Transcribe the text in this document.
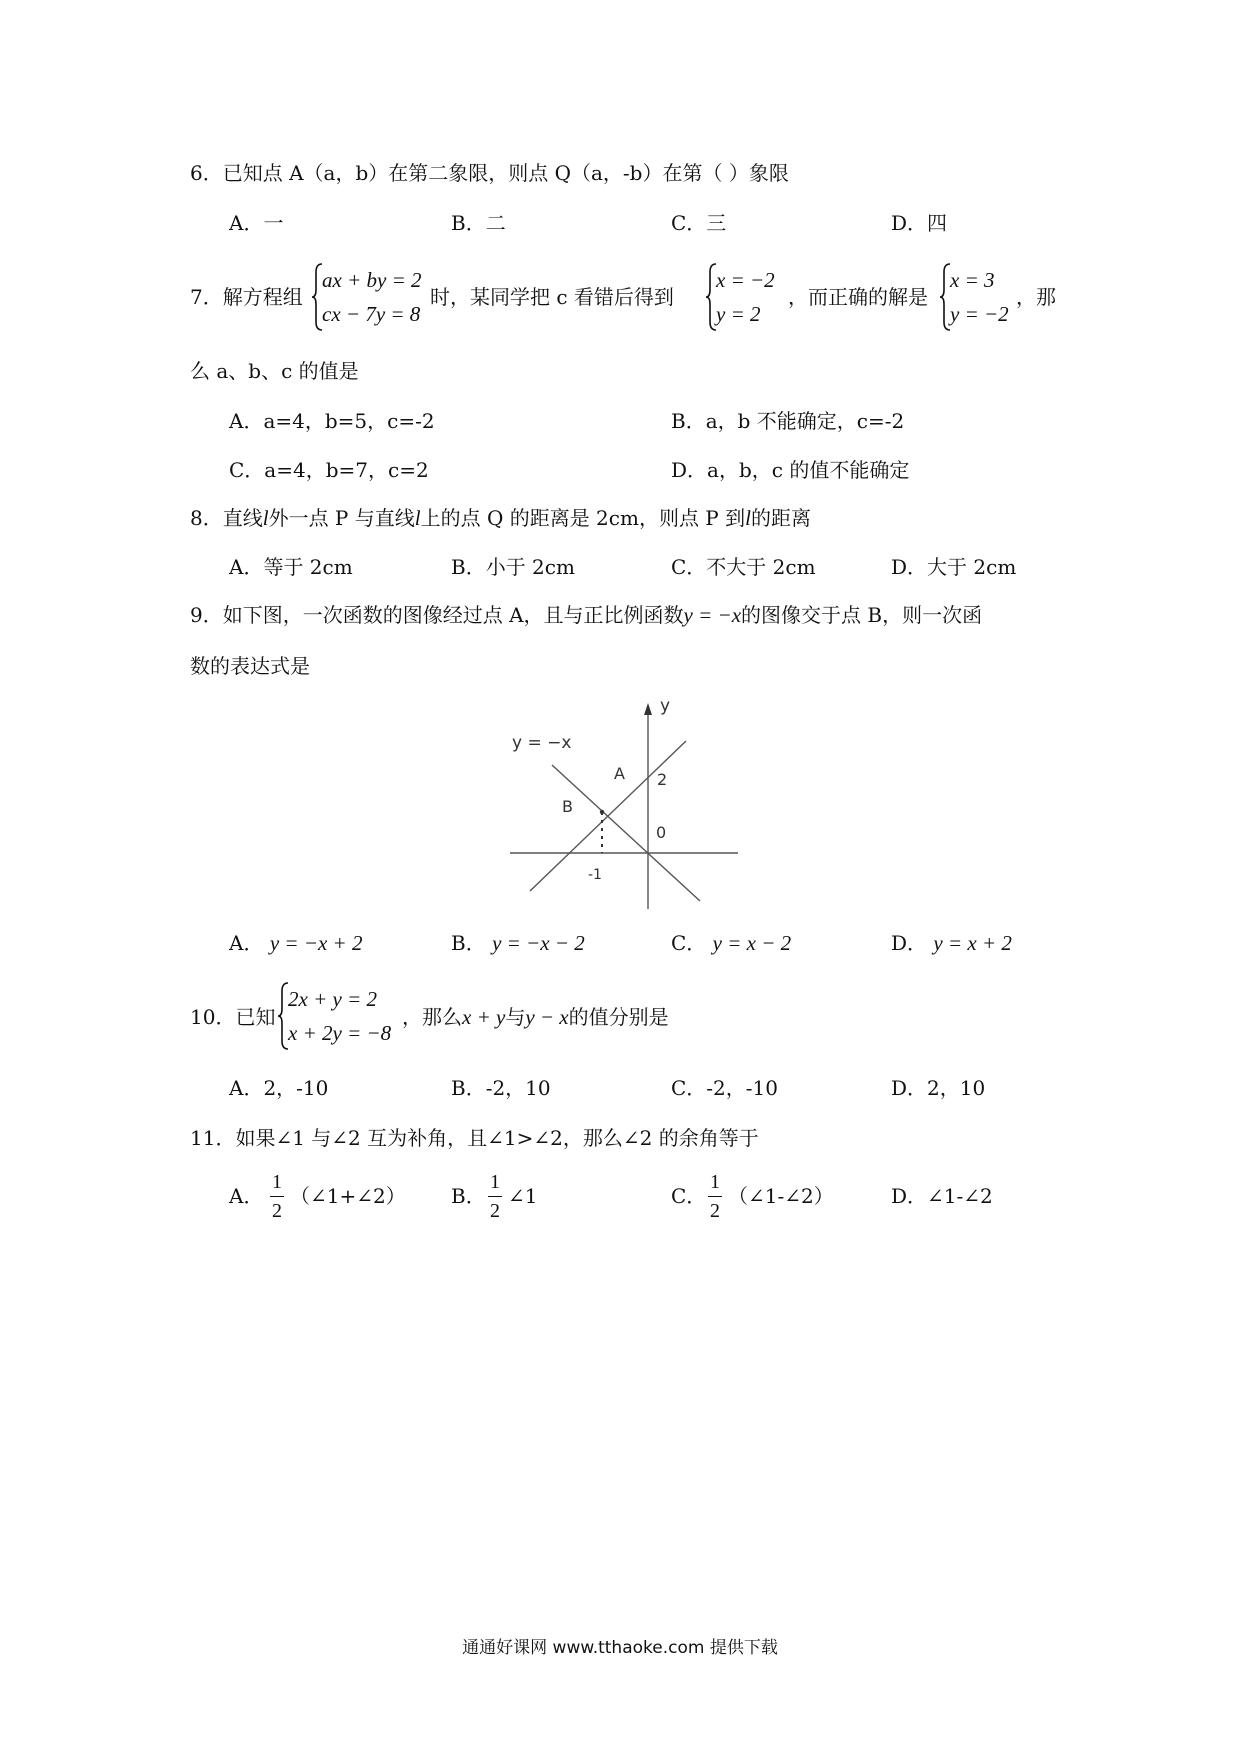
6．已知点 A（a，b）在第二象限，则点 Q（a，-b）在第（ ）象限
A．一	B．二	C．三	D．四
7．解方程组
ax + by = 2
cx − 7y = 8
时，某同学把 c 看错后得到
x = −2
y = 2
，而正确的解是
x = 3
y = −2
，那
么 a、b、c 的值是
A．a=4，b=5，c=-2	B．a，b 不能确定，c=-2
C．a=4，b=7，c=2	D．a，b，c 的值不能确定
8．直线l外一点 P 与直线l上的点 Q 的距离是 2cm，则点 P 到l的距离
A．等于 2cm	B．小于 2cm	C．不大于 2cm	D．大于 2cm
9．如下图，一次函数的图像经过点 A，且与正比例函数y = −x的图像交于点 B，则一次函
数的表达式是
y
y = −x
A
B
2
0
-1
A． y = −x + 2	B． y = −x − 2	C． y = x − 2	D． y = x + 2
10．已知
2x + y = 2
x + 2y = −8
，那么x + y与y − x的值分别是
A．2，-10	B．-2，10	C．-2，-10	D．2，10
11．如果∠1 与∠2 互为补角，且∠1>∠2，那么∠2 的余角等于
A．
1
2
（∠1+∠2） B．
1
2
∠1	C．
1
2
（∠1-∠2）	D．∠1-∠2
通通好课网 www.tthaoke.com 提供下载
